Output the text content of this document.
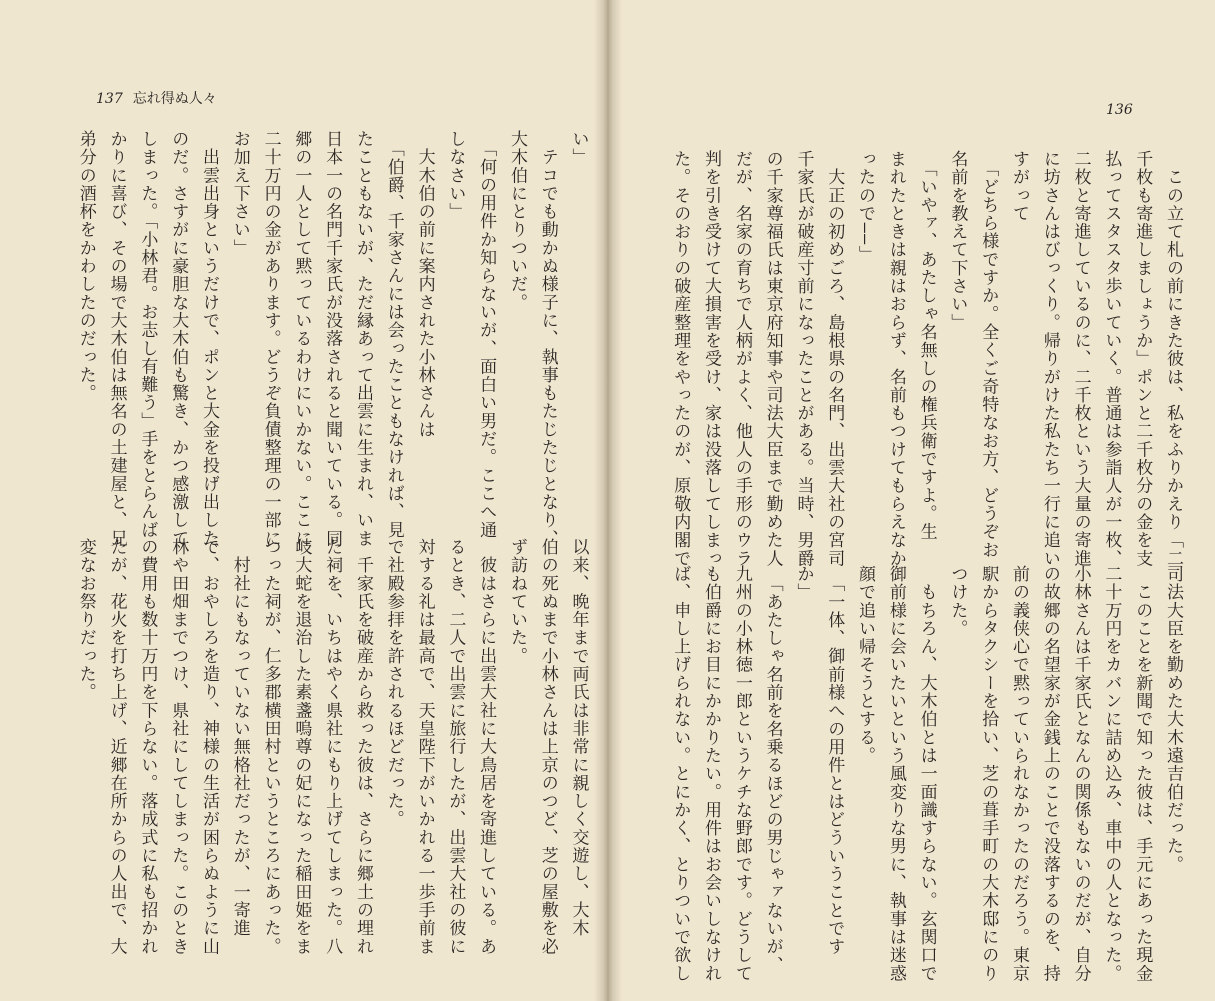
137 忘れ得ぬ人々
136
い」
　テコでも動かぬ様子に、執事もたじたじとなり、
大木伯にとりついだ。
　「何の用件か知らないが、面白い男だ。ここへ通
しなさい」
　大木伯の前に案内された小林さんは
　「伯爵、千家さんには会ったこともなければ、見
たこともないが、ただ縁あって出雲に生まれ、いま
日本一の名門千家氏が没落されると聞いている。同
郷の一人として黙っているわけにいかない。ここに
二十万円の金があります。どうぞ負債整理の一部に
お加え下さい」
　出雲出身というだけで、ポンと大金を投げ出した
のだ。さすがに豪胆な大木伯も驚き、かつ感激して
しまった。「小林君。お志し有難う」手をとらんば
かりに喜び、その場で大木伯は無名の土建屋と、兄
弟分の酒杯をかわしたのだった。
以来、晩年まで両氏は非常に親しく交遊し、大木
伯の死ぬまで小林さんは上京のつど、芝の屋敷を必
ず訪ねていた。
　彼はさらに出雲大社に大鳥居を寄進している。あ
るとき、二人で出雲に旅行したが、出雲大社の彼に
対する礼は最高で、天皇陛下がいかれる一歩手前ま
で社殿参拝を許されるほどだった。
　千家氏を破産から救った彼は、さらに郷土の埋れ
た祠を、いちはやく県社にもり上げてしまった。八
岐大蛇を退治した素盞嗚尊の妃になった稲田姫をま
つった祠が、仁多郡横田村というところにあった。
　村社にもなっていない無格社だったが、一寄進
で、おやしろを造り、神様の生活が困らぬように山
林や田畑までつけ、県社にしてしまった。このとき
の費用も数十万円を下らない。落成式に私も招かれ
たが、花火を打ち上げ、近郷在所からの人出で、大
変なお祭りだった。
　この立て札の前にきた彼は、私をふりかえり「二
千枚も寄進しましょうか」ポンと二千枚分の金を支
払ってスタスタ歩いていく。普通は参詣人が一枚、
二枚と寄進しているのに、二千枚という大量の寄進
に坊さんはびっくり。帰りがけた私たち一行に追い
すがって
　「どちら様ですか。全くご奇特なお方、どうぞお
名前を教えて下さい」
　「いやァ、あたしゃ名無しの権兵衛ですよ。生
まれたときは親はおらず、名前もつけてもらえなか
ったので――」
　大正の初めごろ、島根県の名門、出雲大社の宮司
千家氏が破産寸前になったことがある。当時、男爵
の千家尊福氏は東京府知事や司法大臣まで勤めた人
だが、名家の育ちで人柄がよく、他人の手形のウラ
判を引き受けて大損害を受け、家は没落してしまっ
た。そのおりの破産整理をやったのが、原敬内閣で
司法大臣を勤めた大木遠吉伯だった。
　このことを新聞で知った彼は、手元にあった現金
二十万円をカバンに詰め込み、車中の人となった。
小林さんは千家氏となんの関係もないのだが、自分
の故郷の名望家が金銭上のことで没落するのを、持
前の義侠心で黙っていられなかったのだろう。東京
駅からタクシーを拾い、芝の葺手町の大木邸にのり
つけた。
　もちろん、大木伯とは一面識すらない。玄関口で
御前様に会いたいという風変りな男に、執事は迷惑
顔で追い帰そうとする。
　「一体、御前様への用件とはどういうことです
か」
　「あたしゃ名前を名乗るほどの男じゃァないが、
九州の小林徳一郎というケチな野郎です。どうして
も伯爵にお目にかかりたい。用件はお会いしなけれ
ば、申し上げられない。とにかく、とりついで欲し
